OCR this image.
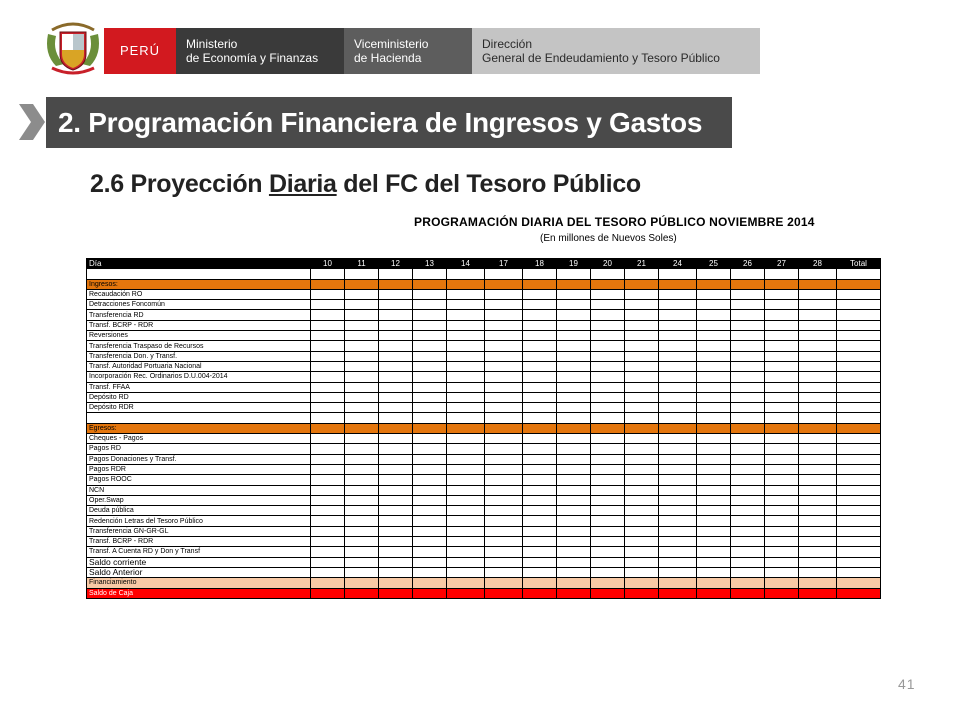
PERÚ Ministerio
de Economía y Finanzas
Viceministerio
de Hacienda
Dirección
General de Endeudamiento y Tesoro Público
2. Programación Financiera de Ingresos y Gastos
2.6 Proyección Diaria del FC del Tesoro Público
PROGRAMACIÓN DIARIA DEL TESORO PÚBLICO NOVIEMBRE 2014
(En millones de Nuevos Soles)
Día	10	11	12	13	14	17	18	19	20	21	24	25	26	27	28	Total

Ingresos:																
Recaudación RO																
Detracciones Foncomún																
Transferencia RD																
Transf. BCRP - RDR																
Reversiones																
Transferencia Traspaso de Recursos																
Transferencia Don. y Transf.																
Transf. Autoridad Portuaria Nacional																
Incorporación Rec. Ordinarios D.U.004-2014																
Transf. FFAA																
Depósito RD																
Depósito RDR																

Egresos:																
Cheques - Pagos																
Pagos RD																
Pagos Donaciones y Transf.																
Pagos RDR																
Pagos ROOC																
NCN																
Oper.Swap																
Deuda pública																
Redención Letras del Tesoro Público																
Transferencia GN-GR-GL																
Transf. BCRP - RDR																
Transf. A Cuenta RD y Don y Transf																
Saldo corriente																
Saldo Anterior																
Financiamiento																
Saldo de Caja																
41
